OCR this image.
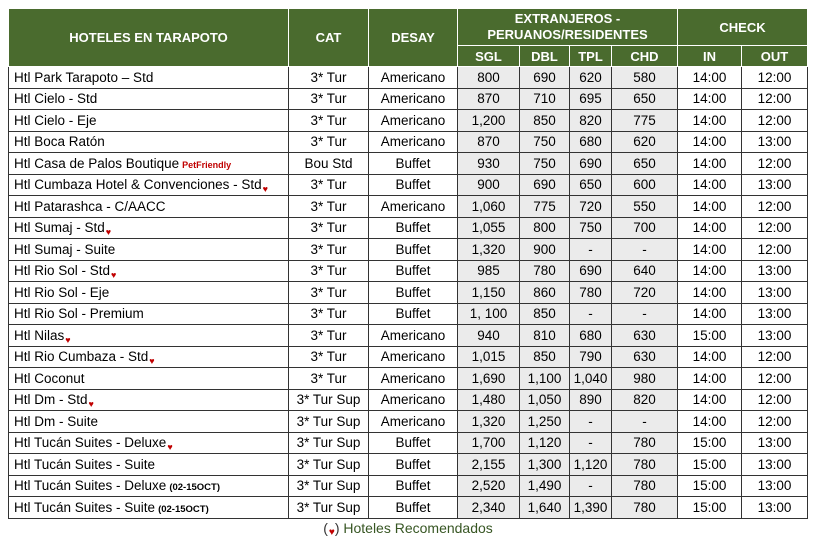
HOTELES EN TARAPOTO	CAT	DESAY	EXTRANJEROS - PERUANOS/RESIDENTES				CHECK	
			SGL	DBL	TPL	CHD	IN	OUT
Htl Park Tarapoto – Std	3* Tur	Americano	800	690	620	580	14:00	12:00
Htl Cielo - Std	3* Tur	Americano	870	710	695	650	14:00	12:00
Htl Cielo - Eje	3* Tur	Americano	1,200	850	820	775	14:00	12:00
Htl Boca Ratón	3* Tur	Americano	870	750	680	620	14:00	13:00
Htl Casa de Palos Boutique PetFriendly	Bou Std	Buffet	930	750	690	650	14:00	12:00
Htl Cumbaza Hotel & Convenciones - Std♥	3* Tur	Buffet	900	690	650	600	14:00	13:00
Htl Patarashca - C/AACC	3* Tur	Americano	1,060	775	720	550	14:00	12:00
Htl Sumaj - Std♥	3* Tur	Buffet	1,055	800	750	700	14:00	12:00
Htl Sumaj - Suite	3* Tur	Buffet	1,320	900	-	-	14:00	12:00
Htl Rio Sol - Std♥	3* Tur	Buffet	985	780	690	640	14:00	13:00
Htl Rio Sol - Eje	3* Tur	Buffet	1,150	860	780	720	14:00	13:00
Htl Rio Sol - Premium	3* Tur	Buffet	1, 100	850	-	-	14:00	13:00
Htl Nilas♥	3* Tur	Americano	940	810	680	630	15:00	13:00
Htl Rio Cumbaza - Std♥	3* Tur	Americano	1,015	850	790	630	14:00	12:00
Htl Coconut	3* Tur	Americano	1,690	1,100	1,040	980	14:00	12:00
Htl Dm - Std♥	3* Tur Sup	Americano	1,480	1,050	890	820	14:00	12:00
Htl Dm - Suite	3* Tur Sup	Americano	1,320	1,250	-	-	14:00	12:00
Htl Tucán Suites - Deluxe♥	3* Tur Sup	Buffet	1,700	1,120	-	780	15:00	13:00
Htl Tucán Suites - Suite	3* Tur Sup	Buffet	2,155	1,300	1,120	780	15:00	13:00
Htl Tucán Suites - Deluxe (02-15OCT)	3* Tur Sup	Buffet	2,520	1,490	-	780	15:00	13:00
Htl Tucán Suites - Suite (02-15OCT)	3* Tur Sup	Buffet	2,340	1,640	1,390	780	15:00	13:00
(♥) Hoteles Recomendados
